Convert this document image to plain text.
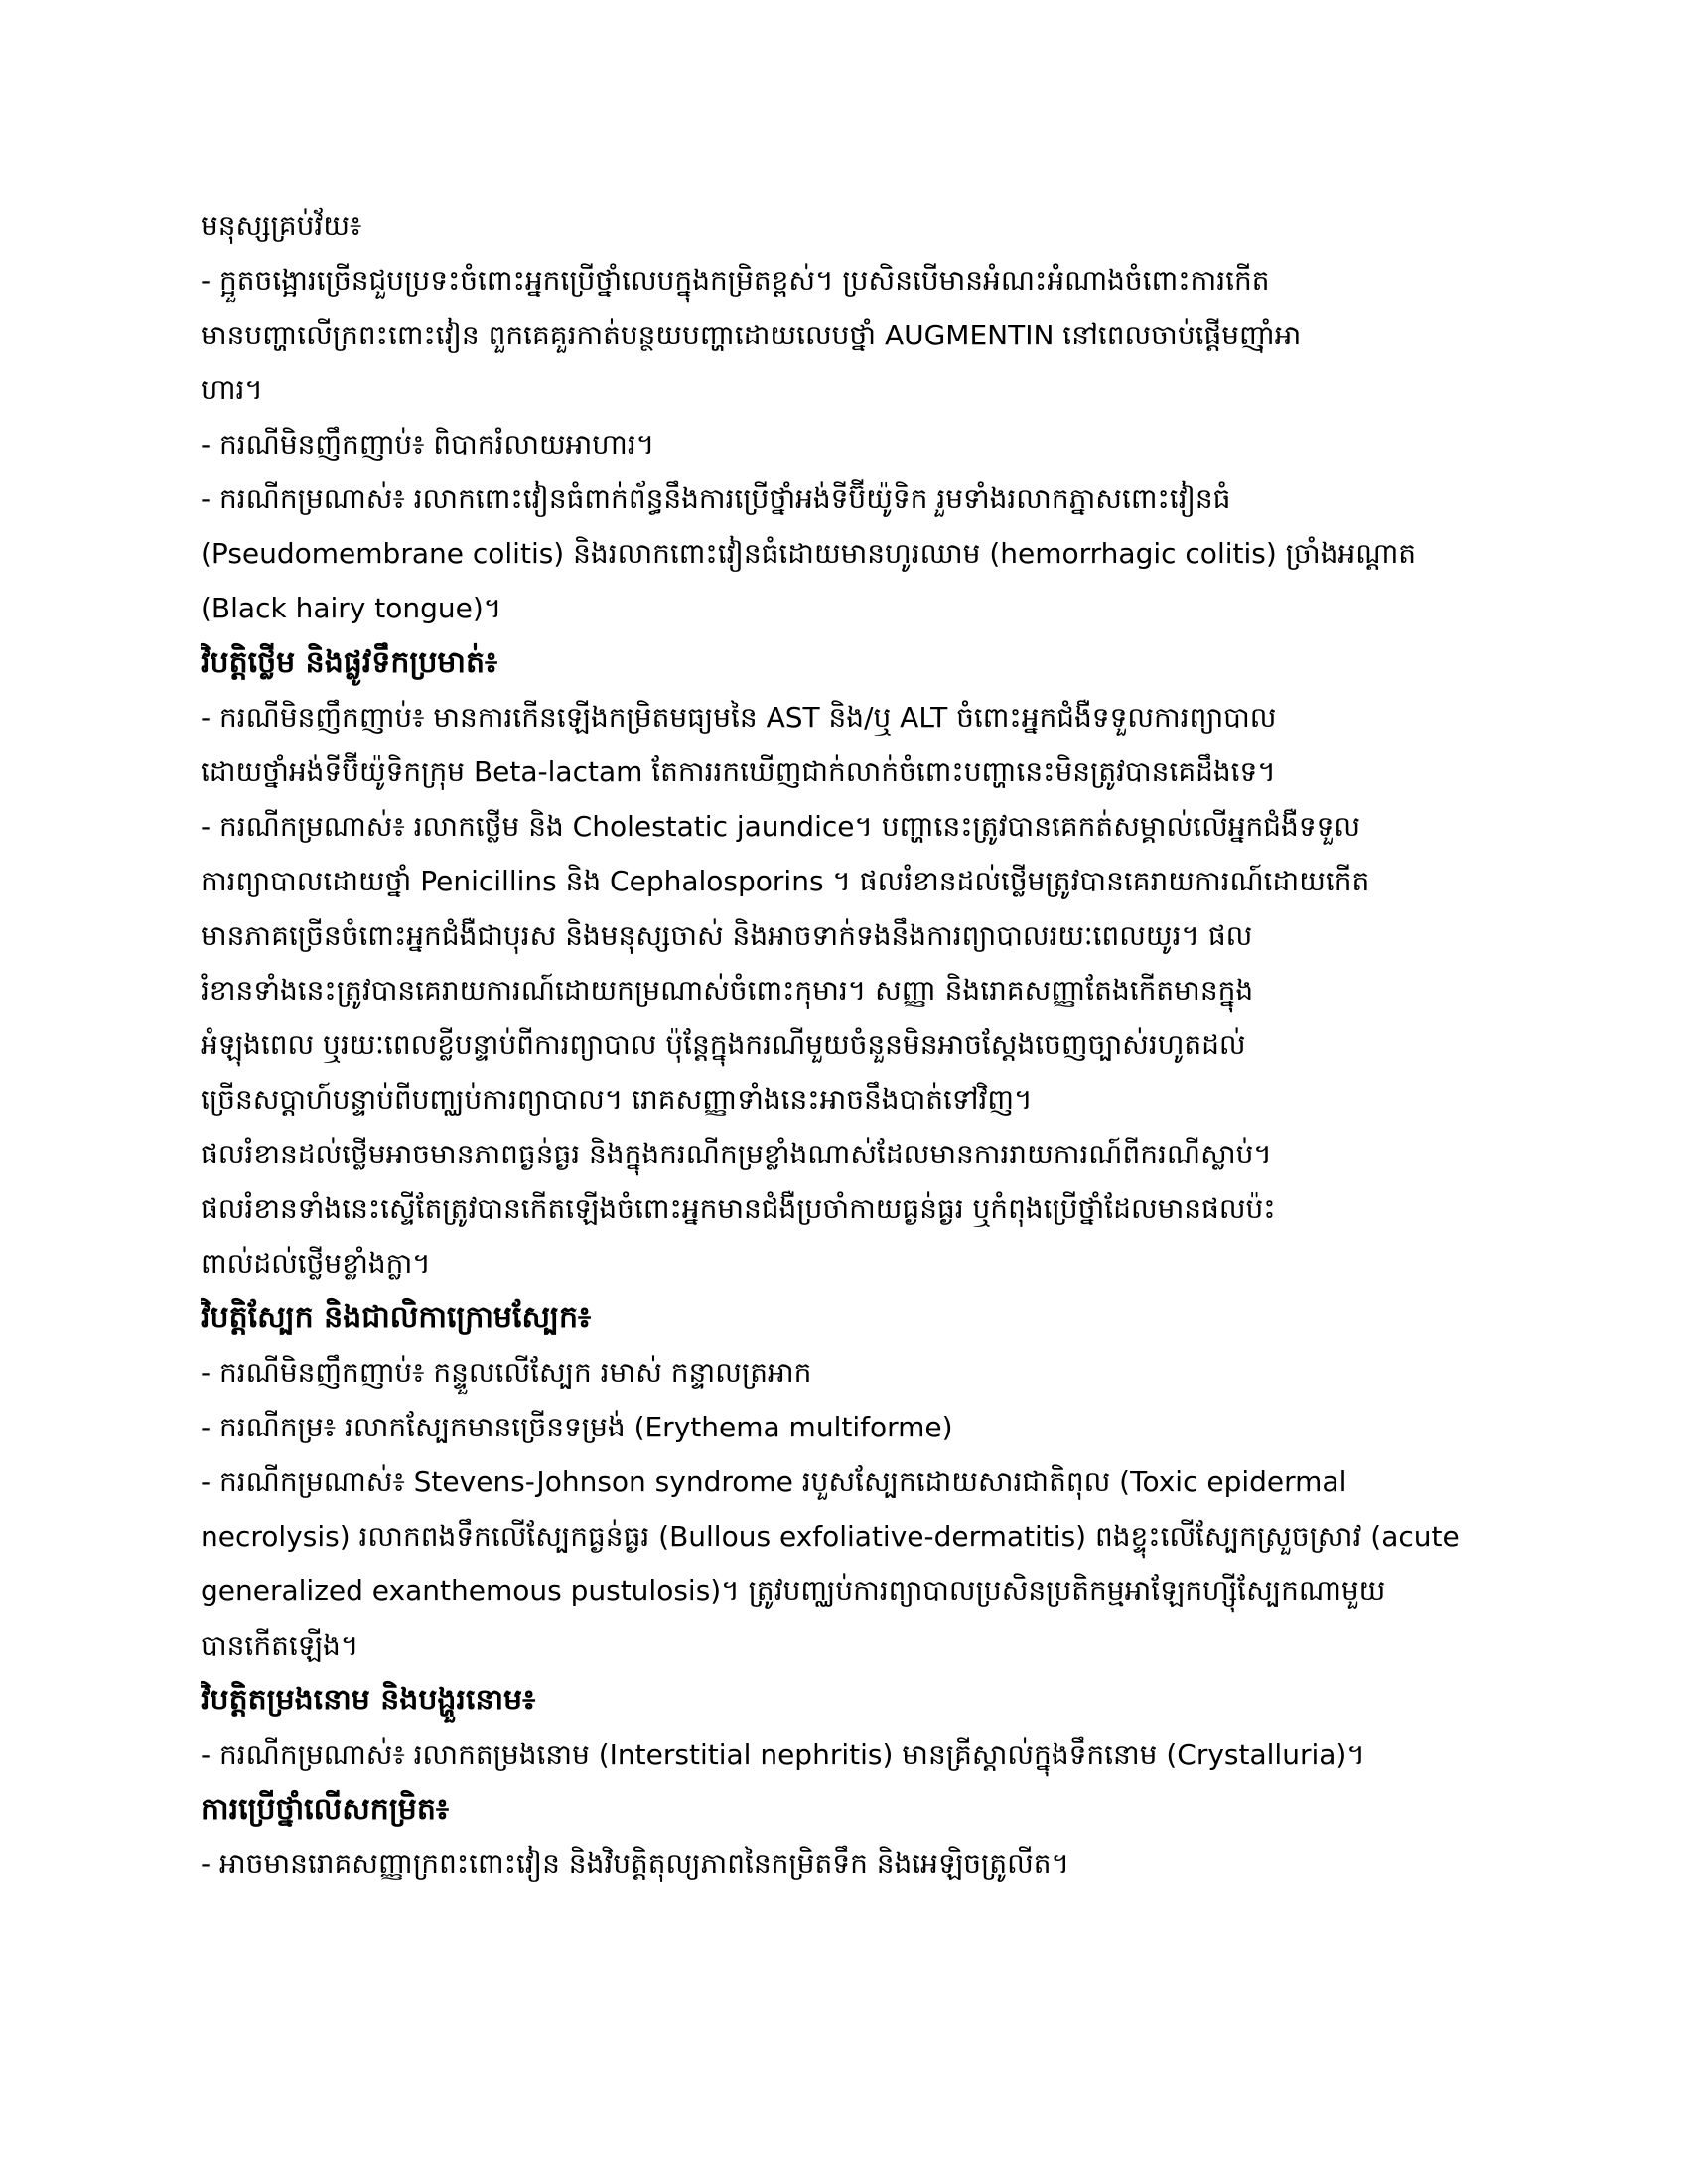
មនុស្សគ្រប់វ័យ៖
- ក្អួតចង្អោរច្រើនជួបប្រទះចំពោះអ្នកប្រើថ្នាំលេបក្នុងកម្រិតខ្ពស់។ ប្រសិនបើមានអំណះអំណាងចំពោះការកើត
មានបញ្ហាលើក្រពះពោះវៀន ពួកគេគួរកាត់បន្ថយបញ្ហាដោយលេបថ្នាំ AUGMENTIN នៅពេលចាប់ផ្តើមញ៉ាំអា
ហារ។
- ករណីមិនញឹកញាប់៖ ពិបាករំលាយអាហារ។
- ករណីកម្រណាស់៖ រលាកពោះវៀនធំពាក់ព័ន្ធនឹងការប្រើថ្នាំអង់ទីប៊ីយ៉ូទិក រួមទាំងរលាកភ្នាសពោះវៀនធំ
(Pseudomembrane colitis) និងរលាកពោះវៀនធំដោយមានហូរឈាម (hemorrhagic colitis) ច្រាំងអណ្តាត
(Black hairy tongue)។
វិបត្តិថ្លើម និងផ្លូវទឹកប្រមាត់៖
- ករណីមិនញឹកញាប់៖ មានការកើនឡើងកម្រិតមធ្យមនៃ AST និង/ឬ ALT ចំពោះអ្នកជំងឺទទួលការព្យាបាល
ដោយថ្នាំអង់ទីប៊ីយ៉ូទិកក្រុម Beta-lactam តែការរកឃើញជាក់លាក់ចំពោះបញ្ហានេះមិនត្រូវបានគេដឹងទេ។
- ករណីកម្រណាស់៖ រលាកថ្លើម និង Cholestatic jaundice។ បញ្ហានេះត្រូវបានគេកត់សម្គាល់លើអ្នកជំងឺទទួល
ការព្យាបាលដោយថ្នាំ Penicillins និង Cephalosporins ។ ផលរំខានដល់ថ្លើមត្រូវបានគេរាយការណ៍ដោយកើត
មានភាគច្រើនចំពោះអ្នកជំងឺជាបុរស និងមនុស្សចាស់ និងអាចទាក់ទងនឹងការព្យាបាលរយៈពេលយូរ។ ផល
រំខានទាំងនេះត្រូវបានគេរាយការណ៍ដោយកម្រណាស់ចំពោះកុមារ។ សញ្ញា និងរោគសញ្ញាតែងកើតមានក្នុង
អំឡុងពេល ឬរយៈពេលខ្លីបន្ទាប់ពីការព្យាបាល ប៉ុន្តែក្នុងករណីមួយចំនួនមិនអាចស្តែងចេញច្បាស់រហូតដល់
ច្រើនសប្តាហ៍បន្ទាប់ពីបញ្ឈប់ការព្យាបាល។ រោគសញ្ញាទាំងនេះអាចនឹងបាត់ទៅវិញ។
ផលរំខានដល់ថ្លើមអាចមានភាពធ្ងន់ធ្ងរ និងក្នុងករណីកម្រខ្លាំងណាស់ដែលមានការរាយការណ៍ពីករណីស្លាប់។
ផលរំខានទាំងនេះស្ទើតែត្រូវបានកើតឡើងចំពោះអ្នកមានជំងឺប្រចាំកាយធ្ងន់ធ្ងរ ឬកំពុងប្រើថ្នាំដែលមានផលប៉ះ
ពាល់ដល់ថ្លើមខ្លាំងក្លា។
វិបត្តិស្បែក និងជាលិកាក្រោមស្បែក៖
- ករណីមិនញឹកញាប់៖ កន្ទួលលើស្បែក រមាស់ កន្ទាលត្រអាក
- ករណីកម្រ៖ រលាកស្បែកមានច្រើនទម្រង់ (Erythema multiforme)
- ករណីកម្រណាស់៖ Stevens-Johnson syndrome របួសស្បែកដោយសារជាតិពុល (Toxic epidermal
necrolysis) រលាកពងទឹកលើស្បែកធ្ងន់ធ្ងរ (Bullous exfoliative-dermatitis) ពងខ្ទុះលើស្បែកស្រួចស្រាវ (acute
generalized exanthemous pustulosis)។ ត្រូវបញ្ឈប់ការព្យាបាលប្រសិនប្រតិកម្មអាឡែកហ្ស៊ីស្បែកណាមួយ
បានកើតឡើង។
វិបត្តិតម្រងនោម និងបង្ហួរនោម៖
- ករណីកម្រណាស់៖ រលាកតម្រងនោម (Interstitial nephritis) មានគ្រីស្តាល់ក្នុងទឹកនោម (Crystalluria)។
ការប្រើថ្នាំលើសកម្រិត៖
- អាចមានរោគសញ្ញាក្រពះពោះវៀន និងវិបត្តិតុល្យភាពនៃកម្រិតទឹក និងអេឡិចត្រូលីត។
